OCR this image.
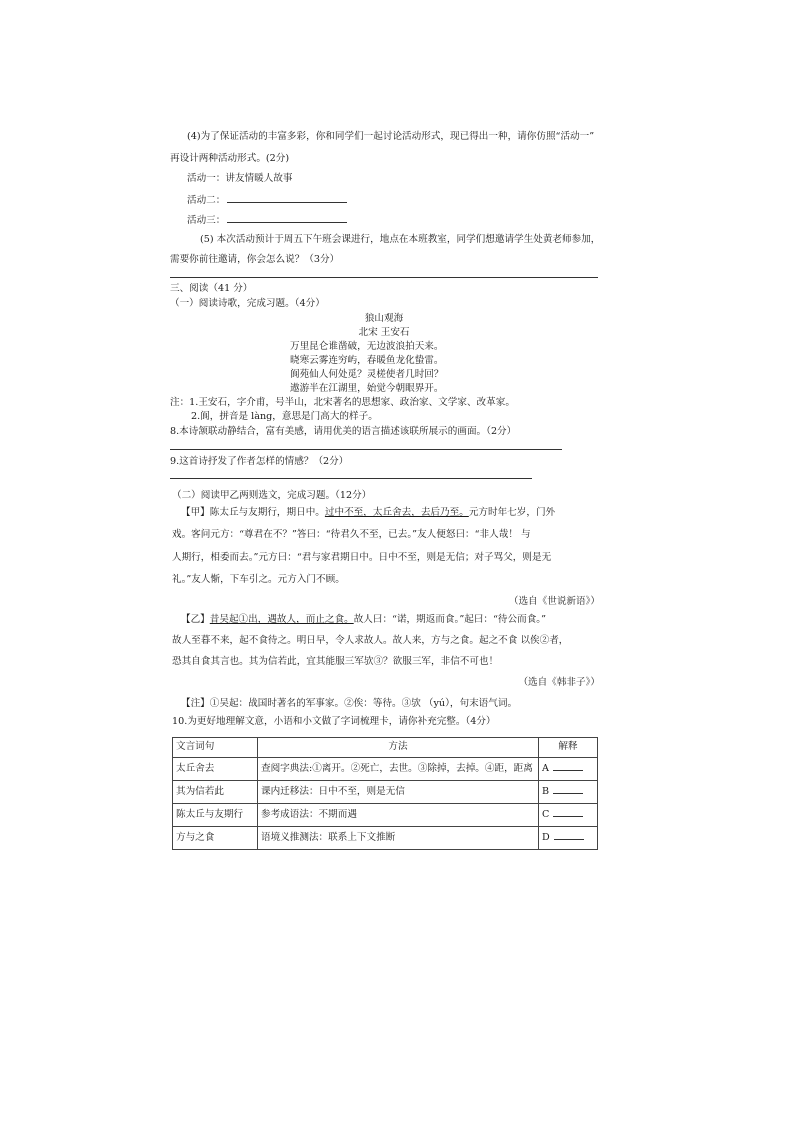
(4)为了保证活动的丰富多彩，你和同学们一起讨论活动形式，现已得出一种，请你仿照“活动一”
再设计两种活动形式。(2分)
活动一：讲友情暖人故事
活动二：
活动三：
(5) 本次活动预计于周五下午班会课进行，地点在本班教室，同学们想邀请学生处黄老师参加，
需要你前往邀请，你会怎么说？（3分）
三、阅读（41 分）
（一）阅读诗歌，完成习题。（4分）
狼山观海
北宋 王安石
万里昆仑谁凿破，无边波浪拍天来。
晓寒云雾连穷屿，春暖鱼龙化蛰雷。
阆苑仙人何处觅？灵槎使者几时回？
遨游半在江湖里，始觉今朝眼界开。
注：1.王安石，字介甫，号半山，北宋著名的思想家、政治家、文学家、改革家。
2.阆，拼音是 làng，意思是门高大的样子。
8.本诗颔联动静结合，富有美感，请用优美的语言描述该联所展示的画面。（2分）
9.这首诗抒发了作者怎样的情感？（2分）
（二）阅读甲乙两则选文，完成习题。（12分）
【甲】陈太丘与友期行，期日中。过中不至，太丘舍去，去后乃至。元方时年七岁，门外
戏。客问元方：“尊君在不？”答曰：“待君久不至，已去。”友人便怒曰：“非人哉！ 与
人期行，相委而去。”元方曰：“君与家君期日中。日中不至，则是无信；对子骂父，则是无
礼。”友人惭，下车引之。元方入门不顾。
（选自《世说新语》）
【乙】昔吴起①出，遇故人，而止之食。故人曰：“诺，期返而食。”起曰：“待公而食。”
故人至暮不来，起不食待之。明日早，令人求故人。故人来，方与之食。起之不食 以俟②者，
恐其自食其言也。其为信若此，宜其能服三军欤③？欲服三军，非信不可也！
（选自《韩非子》）
【注】①吴起：战国时著名的军事家。②俟：等待。③欤 （yú），句末语气词。
10.为更好地理解文意，小语和小文做了字词梳理卡，请你补充完整。（4分）
文言词句	方法	解释
太丘舍去	查阅字典法:①离开。②死亡，去世。③除掉，去掉。④距，距离	A
其为信若此	课内迁移法：日中不至，则是无信	B
陈太丘与友期行	参考成语法：不期而遇	C
方与之食	语境义推测法：联系上下文推断	D
